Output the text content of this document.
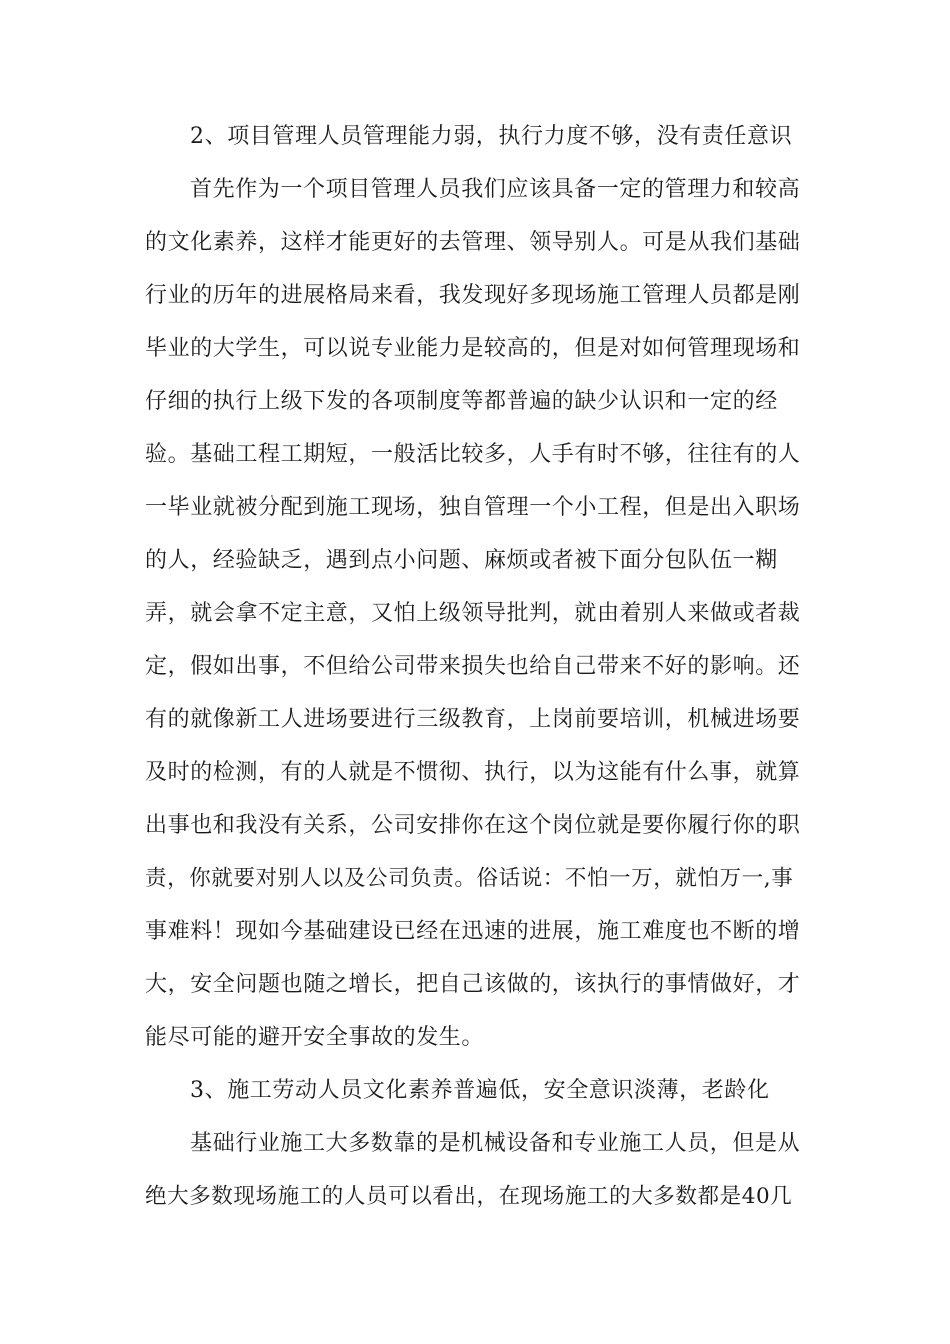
2、项目管理人员管理能力弱，执行力度不够，没有责任意识

首先作为一个项目管理人员我们应该具备一定的管理力和较高

的文化素养，这样才能更好的去管理、领导别人。可是从我们基础

行业的历年的进展格局来看，我发现好多现场施工管理人员都是刚

毕业的大学生，可以说专业能力是较高的，但是对如何管理现场和

仔细的执行上级下发的各项制度等都普遍的缺少认识和一定的经

验。基础工程工期短，一般活比较多，人手有时不够，往往有的人

一毕业就被分配到施工现场，独自管理一个小工程，但是出入职场

的人，经验缺乏，遇到点小问题、麻烦或者被下面分包队伍一糊

弄，就会拿不定主意，又怕上级领导批判，就由着别人来做或者裁

定，假如出事，不但给公司带来损失也给自己带来不好的影响。还

有的就像新工人进场要进行三级教育，上岗前要培训，机械进场要

及时的检测，有的人就是不惯彻、执行，以为这能有什么事，就算

出事也和我没有关系，公司安排你在这个岗位就是要你履行你的职

责，你就要对别人以及公司负责。俗话说：不怕一万，就怕万一,事

事难料！现如今基础建设已经在迅速的进展，施工难度也不断的增

大，安全问题也随之增长，把自己该做的，该执行的事情做好，才

能尽可能的避开安全事故的发生。

3、施工劳动人员文化素养普遍低，安全意识淡薄，老龄化

基础行业施工大多数靠的是机械设备和专业施工人员，但是从

绝大多数现场施工的人员可以看出，在现场施工的大多数都是40几
